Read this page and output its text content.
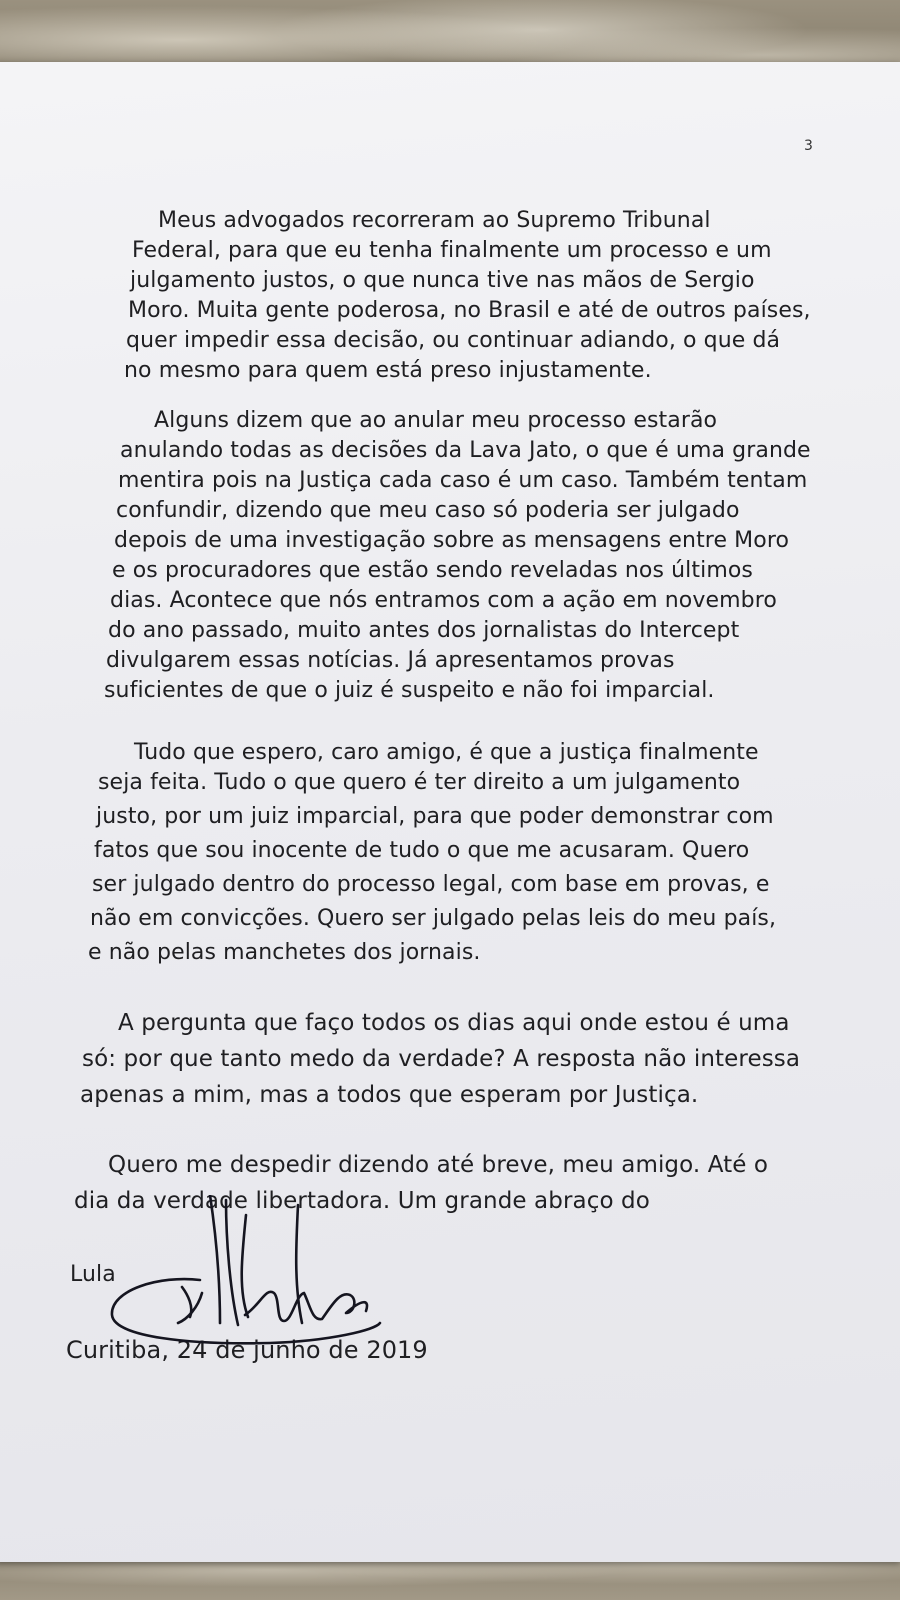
3
Meus advogados recorreram ao Supremo Tribunal
Federal, para que eu tenha finalmente um processo e um
julgamento justos, o que nunca tive nas mãos de Sergio
Moro. Muita gente poderosa, no Brasil e até de outros países,
quer impedir essa decisão, ou continuar adiando, o que dá
no mesmo para quem está preso injustamente.
Alguns dizem que ao anular meu processo estarão
anulando todas as decisões da Lava Jato, o que é uma grande
mentira pois na Justiça cada caso é um caso. Também tentam
confundir, dizendo que meu caso só poderia ser julgado
depois de uma investigação sobre as mensagens entre Moro
e os procuradores que estão sendo reveladas nos últimos
dias. Acontece que nós entramos com a ação em novembro
do ano passado, muito antes dos jornalistas do Intercept
divulgarem essas notícias. Já apresentamos provas
suficientes de que o juiz é suspeito e não foi imparcial.
Tudo que espero, caro amigo, é que a justiça finalmente
seja feita. Tudo o que quero é ter direito a um julgamento
justo, por um juiz imparcial, para que poder demonstrar com
fatos que sou inocente de tudo o que me acusaram. Quero
ser julgado dentro do processo legal, com base em provas, e
não em convicções. Quero ser julgado pelas leis do meu país,
e não pelas manchetes dos jornais.
A pergunta que faço todos os dias aqui onde estou é uma
só: por que tanto medo da verdade? A resposta não interessa
apenas a mim, mas a todos que esperam por Justiça.
Quero me despedir dizendo até breve, meu amigo. Até o
dia da verdade libertadora. Um grande abraço do
Lula
Curitiba, 24 de junho de 2019
